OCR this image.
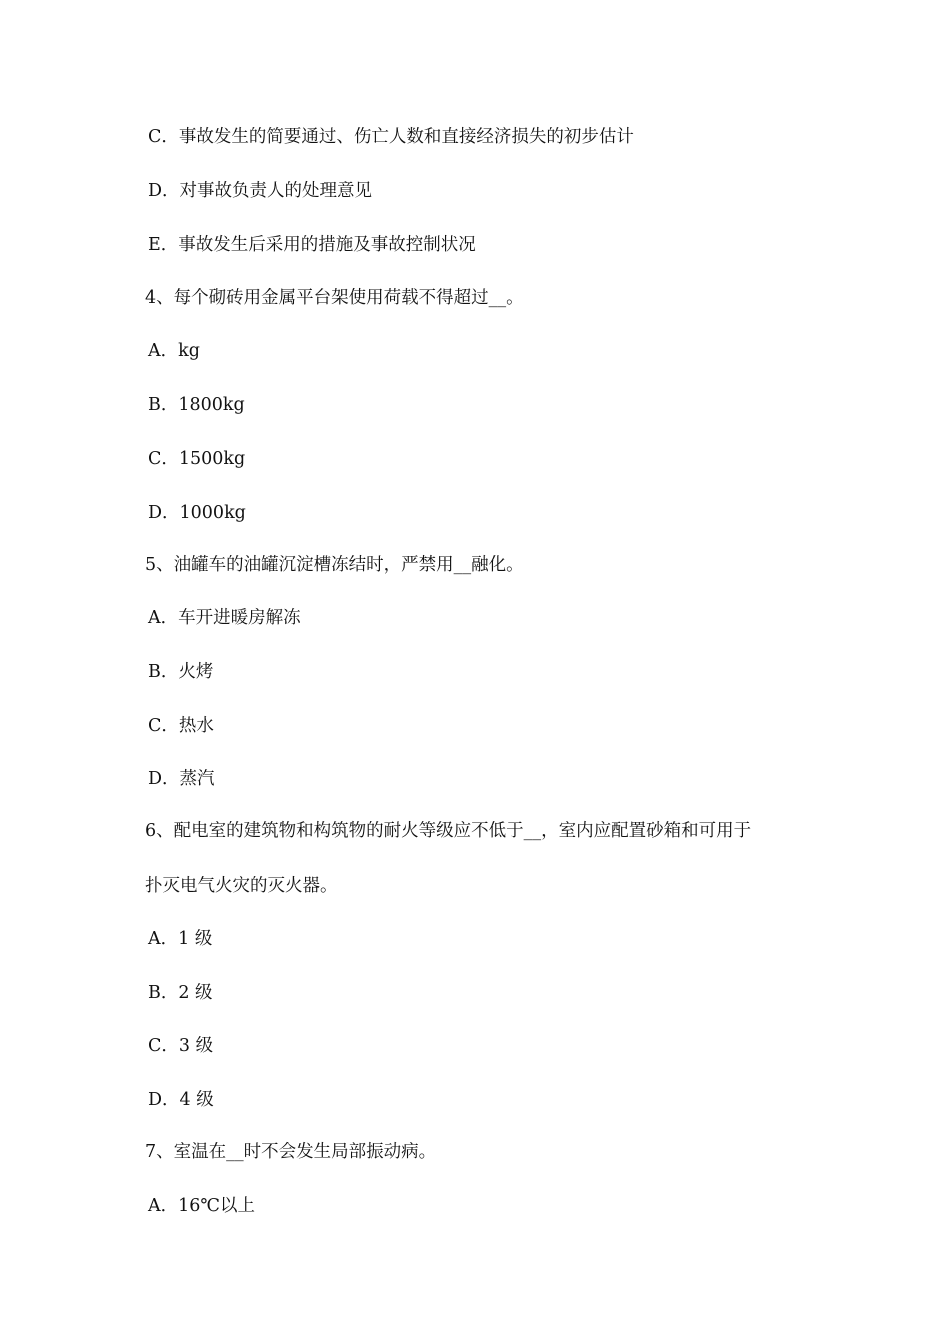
C．事故发生的简要通过、伤亡人数和直接经济损失的初步估计
D．对事故负责人的处理意见
E．事故发生后采用的措施及事故控制状况
4、每个砌砖用金属平台架使用荷载不得超过__。
A．kg
B．1800kg
C．1500kg
D．1000kg
5、油罐车的油罐沉淀槽冻结时，严禁用__融化。
A．车开进暖房解冻
B．火烤
C．热水
D．蒸汽
6、配电室的建筑物和构筑物的耐火等级应不低于__，室内应配置砂箱和可用于
扑灭电气火灾的灭火器。
A．1 级
B．2 级
C．3 级
D．4 级
7、室温在__时不会发生局部振动病。
A．16℃以上
